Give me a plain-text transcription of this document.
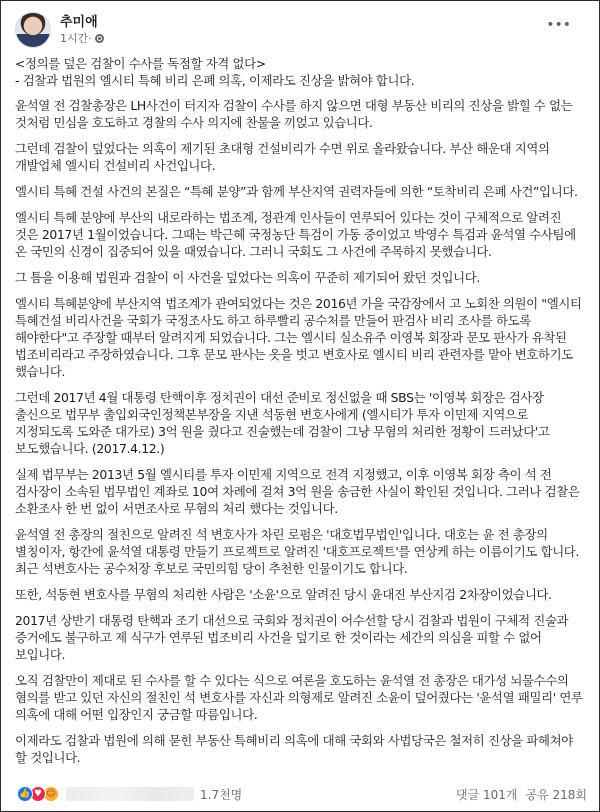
추미애
1시간 ·
•••

<정의를 덮은 검찰이 수사를 독점할 자격 없다>
- 검찰과 법원의 엘시티 특혜 비리 은폐 의혹, 이제라도 진상을 밝혀야 합니다.

윤석열 전 검찰총장은 LH사건이 터지자 검찰이 수사를 하지 않으면 대형 부동산 비리의 진상을 밝힐 수 없는 것처럼 민심을 호도하고 경찰의 수사 의지에 찬물을 끼얹고 있습니다.

그런데 검찰이 덮었다는 의혹이 제기된 초대형 건설비리가 수면 위로 올라왔습니다. 부산 해운대 지역의 개발업체 엘시티 건설비리 사건입니다.

엘시티 특혜 건설 사건의 본질은 “특혜 분양”과 함께 부산지역 권력자들에 의한 “토착비리 은폐 사건”입니다.

엘시티 특혜 분양에 부산의 내로라하는 법조계, 정관계 인사들이 연루되어 있다는 것이 구체적으로 알려진 것은 2017년 1월이었습니다. 그때는 박근혜 국정농단 특검이 가동 중이었고 박영수 특검과 윤석열 수사팀에 온 국민의 신경이 집중되어 있을 때였습니다. 그러니 국회도 그 사건에 주목하지 못했습니다.

그 틈을 이용해 법원과 검찰이 이 사건을 덮었다는 의혹이 꾸준히 제기되어 왔던 것입니다.

엘시티 특혜분양에 부산지역 법조계가 관여되었다는 것은 2016년 가을 국감장에서 고 노회찬 의원이 "엘시티 특혜건설 비리사건을 국회가 국정조사도 하고 하루빨리 공수처를 만들어 판검사 비리 조사를 하도록 해야한다"고 주장할 때부터 알려지게 되었습니다. 그는 엘시티 실소유주 이영복 회장과 문모 판사가 유착된 법조비리라고 주장하였습니다. 그후 문모 판사는 옷을 벗고 변호사로 엘시티 비리 관련자를 맡아 변호하기도 했습니다.

그런데 2017년 4월 대통령 탄핵이후 정치권이 대선 준비로 정신없을 때 SBS는 '이영복 회장은 검사장 출신으로 법무부 출입외국인정책본부장을 지낸 석동현 변호사에게 (엘시티가 투자 이민제 지역으로 지정되도록 도와준 대가로) 3억 원을 줬다고 진술했는데 검찰이 그냥 무혐의 처리한 정황이 드러났다'고 보도했습니다. (2017.4.12.)

실제 법무부는 2013년 5월 엘시티를 투자 이민제 지역으로 전격 지정했고, 이후 이영복 회장 측이 석 전 검사장이 소속된 법무법인 계좌로 10여 차례에 걸쳐 3억 원을 송금한 사실이 확인된 것입니다. 그러나 검찰은 소환조사 한 번 없이 서면조사로 무혐의 처리 했다는 것입니다.

윤석열 전 총장의 절친으로 알려진 석 변호사가 차린 로펌은 '대호법무법인'입니다. 대호는 윤 전 총장의 별칭이자, 항간에 윤석열 대통령 만들기 프로젝트로 알려진 '대호프로젝트'를 연상케 하는 이름이기도 합니다. 최근 석변호사는 공수처장 후보로 국민의힘 당이 추천한 인물이기도 합니다.

또한, 석동현 변호사를 무혐의 처리한 사람은 '소윤'으로 알려진 당시 윤대진 부산지검 2차장이었습니다.

2017년 상반기 대통령 탄핵과 조기 대선으로 국회와 정치권이 어수선할 당시 검찰과 법원이 구체적 진술과 증거에도 불구하고 제 식구가 연루된 법조비리 사건을 덮기로 한 것이라는 세간의 의심을 피할 수 없어 보입니다.

오직 검찰만이 제대로 된 수사를 할 수 있다는 식으로 여론을 호도하는 윤석열 전 총장은 대가성 뇌물수수의 혐의를 받고 있던 자신의 절친인 석 변호사를 자신과 의형제로 알려진 소윤이 덮어줬다는 '윤석열 패밀리' 연루 의혹에 대해 어떤 입장인지 궁금할 따름입니다.

이제라도 검찰과 법원에 의해 묻힌 부동산 특혜비리 의혹에 대해 국회와 사법당국은 철저히 진상을 파헤쳐야 할 것입니다.

👍 ♥ ☺	1.7천명	댓글 101개 공유 218회
